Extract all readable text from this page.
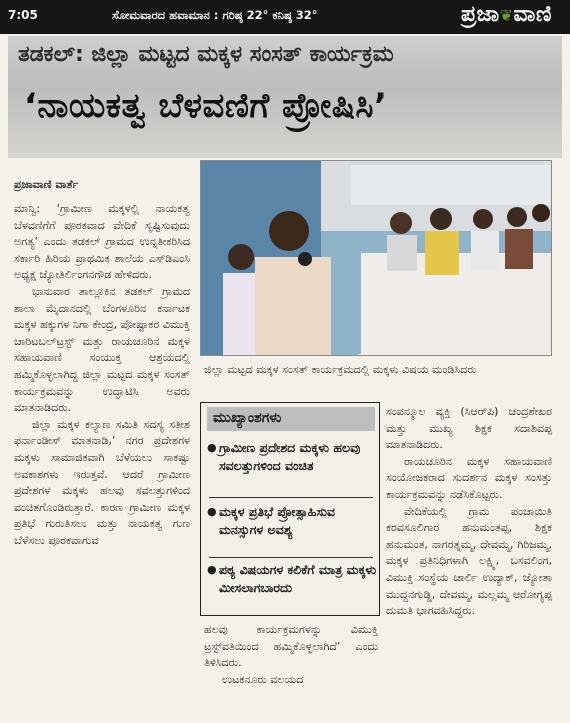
7:05	ಸೋಮವಾರದ ಹವಾಮಾನ : ಗರಿಷ್ಠ 22° ಕನಿಷ್ಠ 32°	ಪ್ರಜಾ❦ವಾಣಿ
ತಡಕಲ್: ಜಿಲ್ಲಾ ಮಟ್ಟದ ಮಕ್ಕಳ ಸಂಸತ್ ಕಾರ್ಯಕ್ರಮ
‘ನಾಯಕತ್ವ ಬೆಳವಣಿಗೆ ಪ್ರೋಷಿಸಿ’
ಪ್ರಜಾವಾಣಿ ವಾರ್ತೆ

ಮಾನ್ವಿ: ‘ಗ್ರಾಮೀಣ ಮಕ್ಕಳಲ್ಲಿ ನಾಯಕತ್ವ ಬೆಳವಣಿಗೆಗೆ ಪೂರಕವಾದ ವೇದಿಕೆ ಸೃಷ್ಟಿಸುವುದು ಅಗತ್ಯ’ ಎಂದು ತಡಕಲ್ ಗ್ರಾಮದ ಉನ್ನತೀಕರಿಸಿದ ಸರ್ಕಾರಿ ಹಿರಿಯ ಪ್ರಾಥಮಿಕ ಶಾಲೆಯ ಎಸ್‌ಡಿಎಂಸಿ ಅಧ್ಯಕ್ಷ ಜ್ಯೋತಿರ್ಲಿಂಗನಗೌಡ ಹೇಳಿದರು.

ಭಾನುವಾರ ತಾಲ್ಲೂಕಿನ ತಡಕಲ್ ಗ್ರಾಮದ ಶಾಲಾ ಮೈದಾನದಲ್ಲಿ ಬೆಂಗಳೂರಿನ ಕರ್ನಾಟಕ ಮಕ್ಕಳ ಹಕ್ಕುಗಳ ನಿಗಾ ಕೇಂದ್ರ, ಪೋಷ್ಟಾಕರ ವಿಮುಕ್ತಿ ಚಾರಿಟಬಲ್‌ಟ್ರಸ್ಟ್ ಮತ್ತು ರಾಯಚೂರಿನ ಮಕ್ಕಳ ಸಹಾಯವಾಣಿ ಸಂಯುಕ್ತ ಆಶ್ರಯದಲ್ಲಿ ಹಮ್ಮಿಕೊಳ್ಳಲಾಗಿದ್ದ ಜಿಲ್ಲಾ ಮಟ್ಟದ ಮಕ್ಕಳ ಸಂಸತ್ ಕಾರ್ಯಕ್ರಮವನ್ನು ಉದ್ಘಾಟಿಸಿ ಅವರು ಮಾತನಾಡಿದರು.

ಜಿಲ್ಲಾ ಮಕ್ಕಳ ಕಲ್ಯಾಣ ಸಮಿತಿ ಸದಸ್ಯ ಸತೀಶ ಫರ್ನಾಂಡೀಸ್ ಮಾತನಾಡಿ,‘ ನಗರ ಪ್ರದೇಶಗಳ ಮಕ್ಕಳು ಸಾಮಾಜಿಕವಾಗಿ ಬೆಳೆಯಲು ಸಾಕಷ್ಟು ಅವಕಾಶಗಳು ಇರುತ್ತವೆ. ಆದರೆ ಗ್ರಾಮೀಣ ಪ್ರದೇಶಗಳ ಮಕ್ಕಳು ಹಲವು ಸವಲತ್ತುಗಳಿಂದ ವಂಚಿತಗೊಂಡಿರುತ್ತಾರೆ. ಕಾರಣ ಗ್ರಾಮೀಣ ಮಕ್ಕಳ ಪ್ರತಿಭೆ ಗುರುತಿಸಲು ಮತ್ತು ನಾಯಕತ್ವ ಗುಣ ಬೆಳೆಸಲು ಪೂರಕವಾಗುವ

ಜಿಲ್ಲಾ ಮಟ್ಟದ ಮಕ್ಕಳ ಸಂಸತ್ ಕಾರ್ಯಕ್ರಮದಲ್ಲಿ ಮಕ್ಕಳು ವಿಷಯ ಮಂಡಿಸಿದರು
ಮುಖ್ಯಾಂಶಗಳು
● ಗ್ರಾಮೀಣ ಪ್ರದೇಶದ ಮಕ್ಕಳು ಹಲವು ಸವಲತ್ತುಗಳಿಂದ ವಂಚಿತ
● ಮಕ್ಕಳ ಪ್ರತಿಭೆ ಪ್ರೋತ್ಸಾಹಿಸುವ ಮನಸ್ಸುಗಳ ಅವಶ್ಯ
● ಪಠ್ಯ ವಿಷಯಗಳ ಕಲಿಕೆಗೆ ಮಾತ್ರ ಮಕ್ಕಳು ಮೀಸಲಾಗಬಾರದು

ಹಲವು ಕಾರ್ಯಕ್ರಮಗಳನ್ನು ವಿಮುಕ್ತಿ ಟ್ರಸ್ಟ್‌ವತಿಯಿಂದ ಹಮ್ಮಿಕೊಳ್ಳಲಾಗಿದೆ’ ಎಂದು ತಿಳಿಸಿದರು.

ಉಟಕನೂರು ವಲಯದ

ಸಂಪನ್ಮೂಲ ವ್ಯಕ್ತಿ (ಸಿಆರ್‌ಪಿ) ಚಂದ್ರಶೇಖರ ಮತ್ತು ಮುಖ್ಯ ಶಿಕ್ಷಕ ಸದಾಶಿವಪ್ಪ ಮಾತನಾಡಿದರು.

ರಾಯಚೂರಿನ ಮಕ್ಕಳ ಸಹಾಯವಾಣಿ ಸಂಯೋಜಕರಾದ ಸುದರ್ಶನ ಮಕ್ಕಳ ಸಂಸತ್ತು ಕಾರ್ಯಕ್ರಮವನ್ನು ನಡೆಸಿಕೊಟ್ಟರು.

ವೇದಿಕೆಯಲ್ಲಿ ಗ್ರಾಮ ಪಂಚಾಯಿತಿ ಕರವಸೂಲಿಗಾರ ಹನುಮಂತಪ್ಪ, ಶಿಕ್ಷಕ ಹನುಮಂತ, ನಾಗರತ್ನಮ್ಮ, ದೇವಮ್ಮ, ಗಿರಿಜಮ್ಮ, ಮಕ್ಕಳ ಪ್ರತಿನಿಧಿಗಳಾಗಿ ಲಕ್ಷ್ಮಿ, ಬಸವಲಿಂಗ, ವಿಮುಕ್ತಿ ಸಂಸ್ಥೆಯ ಚಾರ್ಲಿ ಉದ್ಯಾಕ್, ಜ್ಯೋತಾ ಮುದ್ದನಗುಡ್ಡಿ, ದೇವಮ್ಮ, ಮಲ್ಲಮ್ಮ ಆರೋಗ್ಯಪ್ಪ ದುಮತಿ ಭಾಗವಹಿಸಿದ್ದರು.
